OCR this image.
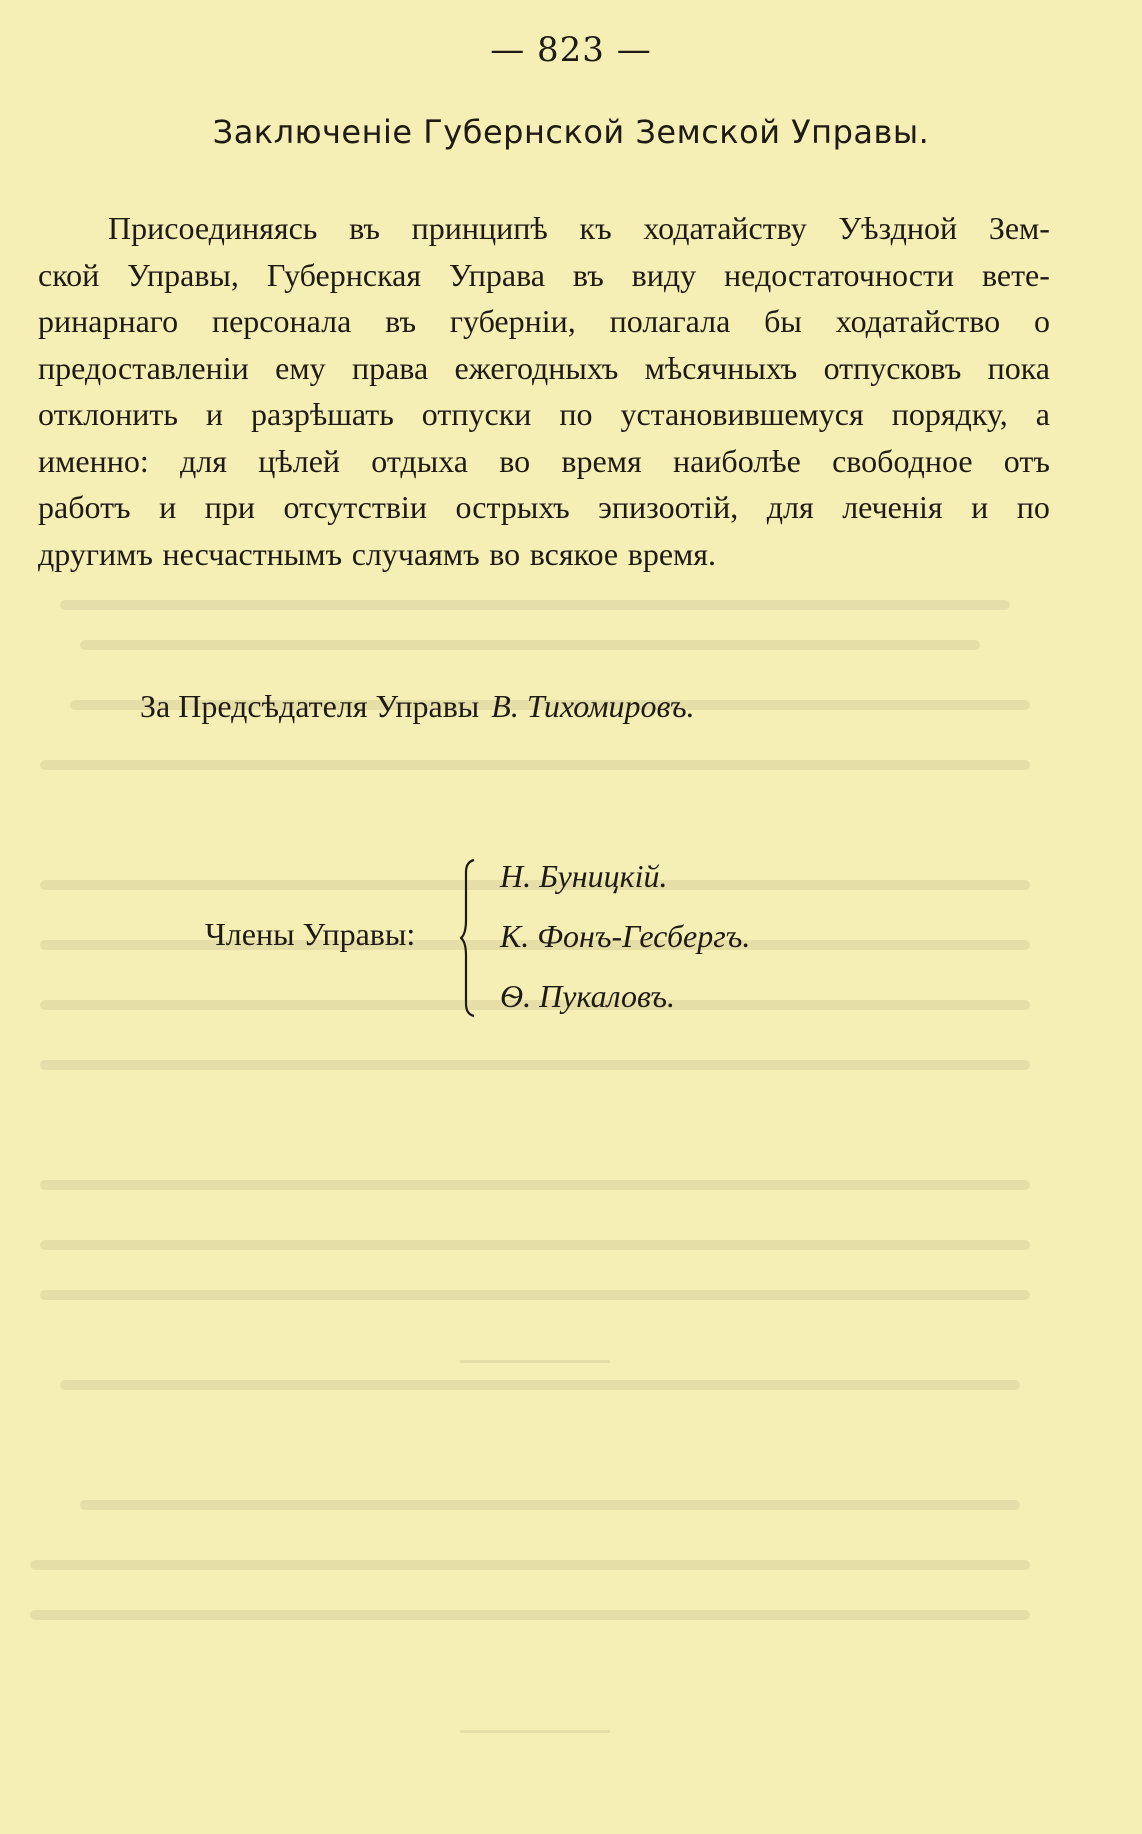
— 823 —
Заключеніе Губернской Земской Управы.
Присоединяясь въ принципѣ къ ходатайству Уѣздной Зем-
ской Управы, Губернская Управа въ виду недостаточности вете-
ринарнаго персонала въ губерніи, полагала бы ходатайство о
предоставленіи ему права ежегодныхъ мѣсячныхъ отпусковъ пока
отклонить и разрѣшать отпуски по установившемуся порядку, а
именно: для цѣлей отдыха во время наиболѣе свободное отъ
работъ и при отсутствіи острыхъ эпизоотій, для леченія и по
другимъ несчастнымъ случаямъ во всякое время.
За Предсѣдателя Управы В. Тихомировъ.
Члены Управы:
Н. Буницкій.
К. Фонъ-Гесбергъ.
Ѳ. Пукаловъ.
